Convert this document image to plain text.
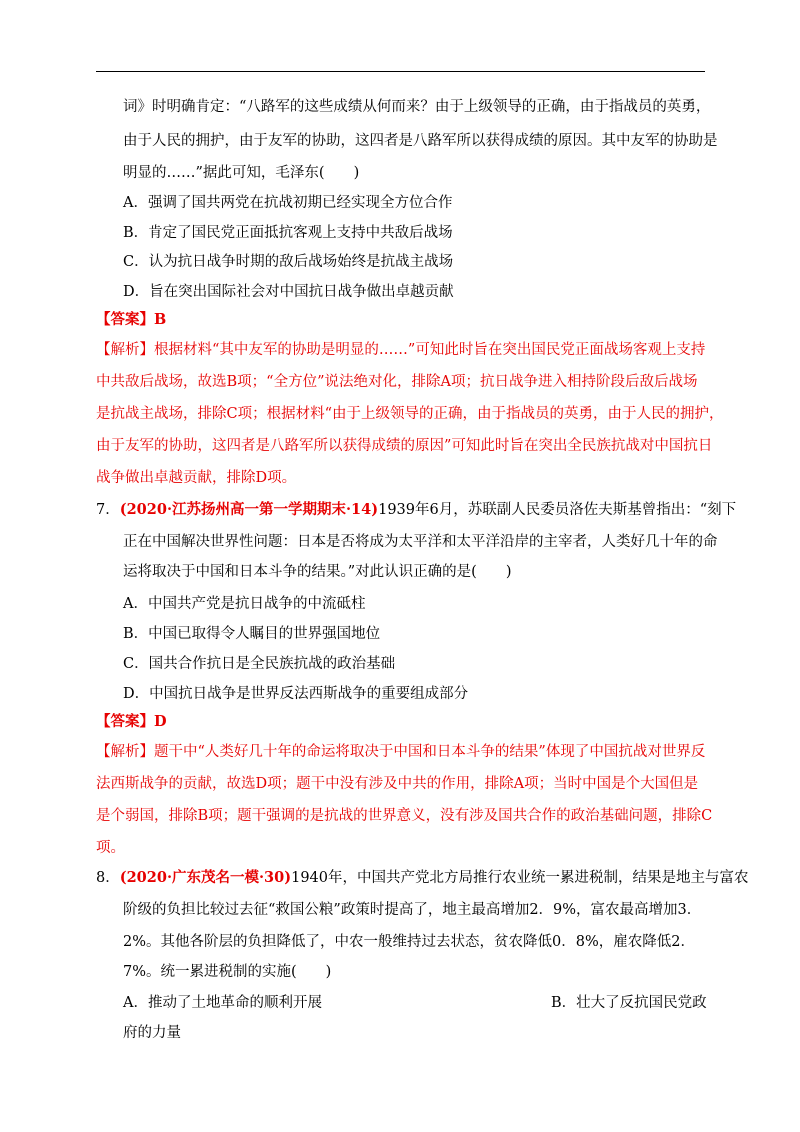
词》时明确肯定：“八路军的这些成绩从何而来？由于上级领导的正确，由于指战员的英勇，
由于人民的拥护，由于友军的协助，这四者是八路军所以获得成绩的原因。其中友军的协助是
明显的……”据此可知，毛泽东(　　)
A．强调了国共两党在抗战初期已经实现全方位合作
B．肯定了国民党正面抵抗客观上支持中共敌后战场
C．认为抗日战争时期的敌后战场始终是抗战主战场
D．旨在突出国际社会对中国抗日战争做出卓越贡献
【答案】B
【解析】根据材料“其中友军的协助是明显的……”可知此时旨在突出国民党正面战场客观上支持
中共敌后战场，故选B项；“全方位”说法绝对化，排除A项；抗日战争进入相持阶段后敌后战场
是抗战主战场，排除C项；根据材料“由于上级领导的正确，由于指战员的英勇，由于人民的拥护，
由于友军的协助，这四者是八路军所以获得成绩的原因”可知此时旨在突出全民族抗战对中国抗日
战争做出卓越贡献，排除D项。
7．(2020·江苏扬州高一第一学期期末·14)1939年6月，苏联副人民委员洛佐夫斯基曾指出：“刻下
正在中国解决世界性问题：日本是否将成为太平洋和太平洋沿岸的主宰者，人类好几十年的命
运将取决于中国和日本斗争的结果。”对此认识正确的是(　　)
A．中国共产党是抗日战争的中流砥柱
B．中国已取得令人瞩目的世界强国地位
C．国共合作抗日是全民族抗战的政治基础
D．中国抗日战争是世界反法西斯战争的重要组成部分
【答案】D
【解析】题干中“人类好几十年的命运将取决于中国和日本斗争的结果”体现了中国抗战对世界反
法西斯战争的贡献，故选D项；题干中没有涉及中共的作用，排除A项；当时中国是个大国但是
是个弱国，排除B项；题干强调的是抗战的世界意义，没有涉及国共合作的政治基础问题，排除C
项。
8．(2020·广东茂名一模·30)1940年，中国共产党北方局推行农业统一累进税制，结果是地主与富农
阶级的负担比较过去征“救国公粮”政策时提高了，地主最高增加2．9%，富农最高增加3．
2%。其他各阶层的负担降低了，中农一般维持过去状态，贫农降低0．8%，雇农降低2．
7%。统一累进税制的实施(　　)
A．推动了土地革命的顺利开展	B．壮大了反抗国民党政
府的力量
